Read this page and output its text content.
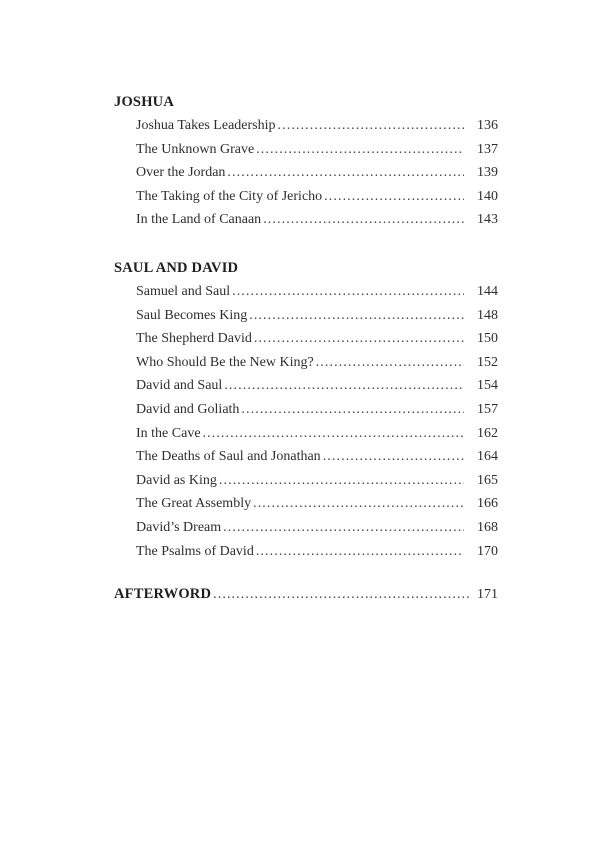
JOSHUA
Joshua Takes Leadership . . .	136
The Unknown Grave . . .	137
Over the Jordan . . .	139
The Taking of the City of Jericho . . .	140
In the Land of Canaan . . .	143
SAUL AND DAVID
Samuel and Saul . . .	144
Saul Becomes King . . .	148
The Shepherd David . . .	150
Who Should Be the New King? . . .	152
David and Saul . . .	154
David and Goliath . . .	157
In the Cave . . .	162
The Deaths of Saul and Jonathan . . .	164
David as King . . .	165
The Great Assembly . . .	166
David’s Dream . . .	168
The Psalms of David . . .	170
AFTERWORD . . .	171
